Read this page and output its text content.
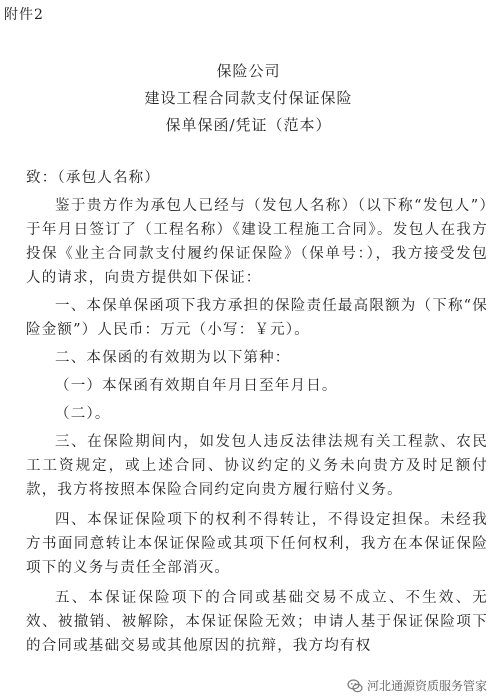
附件2
保险公司
建设工程合同款支付保证保险
保单保函/凭证（范本）

致：（承包人名称）

鉴于贵方作为承包人已经与（发包人名称）（以下称“发包人”）于年月日签订了（工程名称）《建设工程施工合同》。发包人在我方投保《业主合同款支付履约保证保险》（保单号：），我方接受发包人的请求，向贵方提供如下保证：

一、本保单保函项下我方承担的保险责任最高限额为（下称“保险金额”）人民币：万元（小写：￥元）。

二、本保函的有效期为以下第种：

（一）本保函有效期自年月日至年月日。

（二）。

三、在保险期间内，如发包人违反法律法规有关工程款、农民工工资规定，或上述合同、协议约定的义务未向贵方及时足额付款，我方将按照本保险合同约定向贵方履行赔付义务。

四、本保证保险项下的权利不得转让，不得设定担保。未经我方书面同意转让本保证保险或其项下任何权利，我方在本保证保险项下的义务与责任全部消灭。

五、本保证保险项下的合同或基础交易不成立、不生效、无效、被撤销、被解除，本保证保险无效；申请人基于保证保险项下的合同或基础交易或其他原因的抗辩，我方均有权

河北通源资质服务管家
